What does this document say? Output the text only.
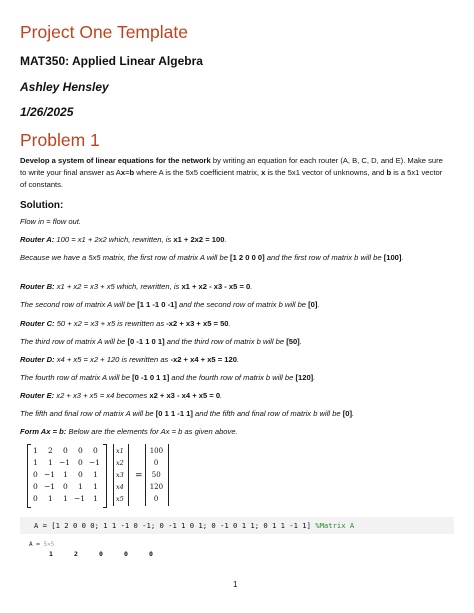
Project One Template
MAT350: Applied Linear Algebra
Ashley Hensley
1/26/2025
Problem 1
Develop a system of linear equations for the network by writing an equation for each router (A, B, C, D, and E). Make sure to write your final answer as Ax=b where A is the 5x5 coefficient matrix, x is the 5x1 vector of unknowns, and b is a 5x1 vector of constants.
Solution:
Flow in = flow out.
Router A: 100 = x1 + 2x2 which, rewritten, is x1 + 2x2 = 100.
Because we have a 5x5 matrix, the first row of matrix A will be [1 2 0 0 0] and the first row of matrix b will be [100].
Router B: x1 + x2 = x3 + x5 which, rewritten, is x1 + x2 - x3 - x5 = 0.
The second row of matrix A will be [1 1 -1 0 -1] and the second row of matrix b will be [0].
Router C: 50 + x2 = x3 + x5 is rewritten as -x2 + x3 + x5 = 50.
The third row of matrix A will be [0 -1 1 0 1] and the third row of matrix b will be [50].
Router D: x4 + x5 = x2 + 120 is rewritten as -x2 + x4 + x5 = 120.
The fourth row of matrix A will be [0 -1 0 1 1] and the fourth row of matrix b will be [120].
Router E: x2 + x3 + x5 = x4 becomes x2 + x3 - x4 + x5 = 0.
The fifth and final row of matrix A will be [0 1 1 -1 1] and the fifth and final row of matrix b will be [0].
Form Ax = b: Below are the elements for Ax = b as given above.
1 2 0 0 0
1 1 −1 0 −1
0 −1 1 0 1
0 −1 0 1 1
0 1 1 −1 1
x1
x2
x3
x4
x5
=
100
0
50
120
0
A = [1 2 0 0 0; 1 1 -1 0 -1; 0 -1 1 0 1; 0 -1 0 1 1; 0 1 1 -1 1] %Matrix A
A = 5×5
1	2	0	0	0
1
